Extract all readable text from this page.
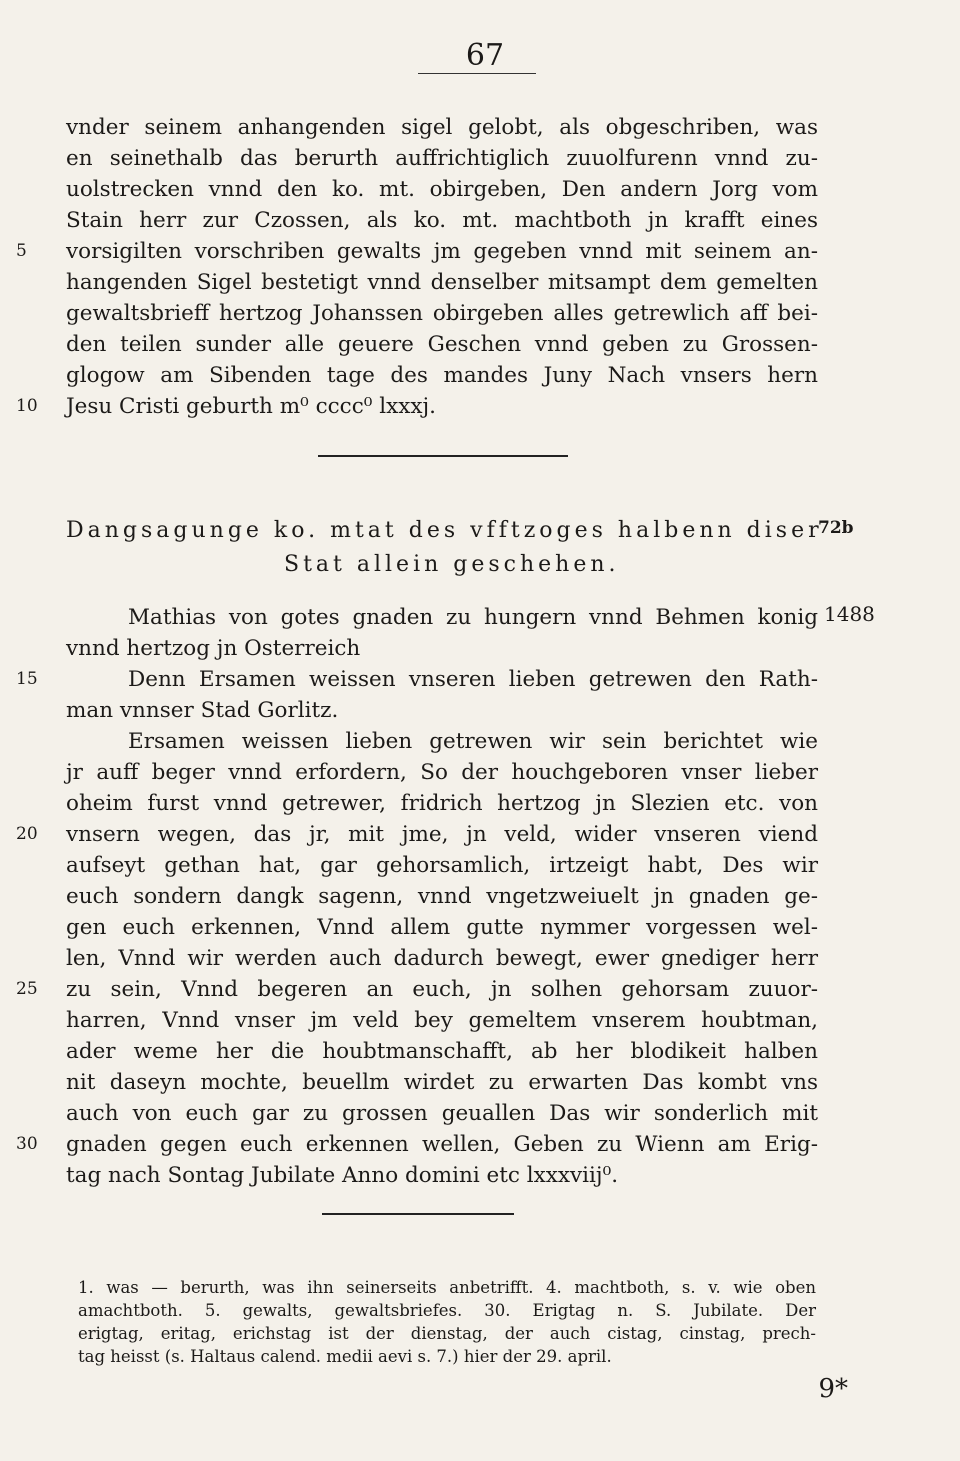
67
vnder seinem anhangenden sigel gelobt, als obgeschriben, was
en seinethalb das berurth auffrichtiglich zuuolfurenn vnnd zu-
uolstrecken vnnd den ko. mt. obirgeben, Den andern Jorg vom
Stain herr zur Czossen, als ko. mt. machtboth jn krafft eines
5	vorsigilten vorschriben gewalts jm gegeben vnnd mit seinem an-
hangenden Sigel bestetigt vnnd denselber mitsampt dem gemelten
gewaltsbrieff hertzog Johanssen obirgeben alles getrewlich aff bei-
den teilen sunder alle geuere Geschen vnnd geben zu Grossen-
glogow am Sibenden tage des mandes Juny Nach vnsers hern
10	Jesu Cristi geburth m⁰ cccc⁰ lxxxj.
Dangsagunge ko. mtat des vfftzoges halbenn diser
Stat allein geschehen.
72b
Mathias von gotes gnaden zu hungern vnnd Behmen konig
vnnd hertzog jn Osterreich
15	Denn Ersamen weissen vnseren lieben getrewen den Rath-
man vnnser Stad Gorlitz.
Ersamen weissen lieben getrewen wir sein berichtet wie
jr auff beger vnnd erfordern, So der houchgeboren vnser lieber
oheim furst vnnd getrewer, fridrich hertzog jn Slezien etc. von
20	vnsern wegen, das jr, mit jme, jn veld, wider vnseren viend
aufseyt gethan hat, gar gehorsamlich, irtzeigt habt, Des wir
euch sondern dangk sagenn, vnnd vngetzweiuelt jn gnaden ge-
gen euch erkennen, Vnnd allem gutte nymmer vorgessen wel-
len, Vnnd wir werden auch dadurch bewegt, ewer gnediger herr
25	zu sein, Vnnd begeren an euch, jn solhen gehorsam zuuor-
harren, Vnnd vnser jm veld bey gemeltem vnserem houbtman,
ader weme her die houbtmanschafft, ab her blodikeit halben
nit daseyn mochte, beuellm wirdet zu erwarten Das kombt vns
auch von euch gar zu grossen geuallen Das wir sonderlich mit
30	gnaden gegen euch erkennen wellen, Geben zu Wienn am Erig-
tag nach Sontag Jubilate Anno domini etc lxxxviij⁰.
1488
1. was — berurth, was ihn seinerseits anbetrifft. 4. machtboth, s. v. wie oben
amachtboth. 5. gewalts, gewaltsbriefes. 30. Erigtag n. S. Jubilate. Der
erigtag, eritag, erichstag ist der dienstag, der auch cistag, cinstag, prech-
tag heisst (s. Haltaus calend. medii aevi s. 7.) hier der 29. april.
9*
